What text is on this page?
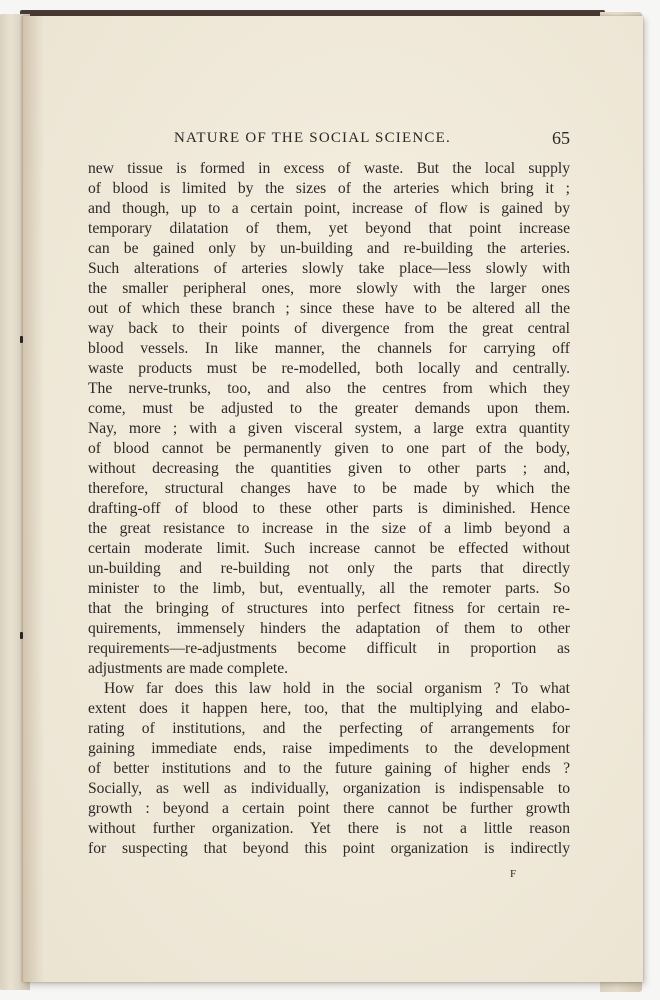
NATURE OF THE SOCIAL SCIENCE.	65
new tissue is formed in excess of waste. But the local supply
of blood is limited by the sizes of the arteries which bring it ;
and though, up to a certain point, increase of flow is gained by
temporary dilatation of them, yet beyond that point increase
can be gained only by un-building and re-building the arteries.
Such alterations of arteries slowly take place—less slowly with
the smaller peripheral ones, more slowly with the larger ones
out of which these branch ; since these have to be altered all the
way back to their points of divergence from the great central
blood vessels. In like manner, the channels for carrying off
waste products must be re-modelled, both locally and centrally.
The nerve-trunks, too, and also the centres from which they
come, must be adjusted to the greater demands upon them.
Nay, more ; with a given visceral system, a large extra quantity
of blood cannot be permanently given to one part of the body,
without decreasing the quantities given to other parts ; and,
therefore, structural changes have to be made by which the
drafting-off of blood to these other parts is diminished. Hence
the great resistance to increase in the size of a limb beyond a
certain moderate limit. Such increase cannot be effected without
un-building and re-building not only the parts that directly
minister to the limb, but, eventually, all the remoter parts. So
that the bringing of structures into perfect fitness for certain re-
quirements, immensely hinders the adaptation of them to other
requirements—re-adjustments become difficult in proportion as
adjustments are made complete.
How far does this law hold in the social organism ? To what
extent does it happen here, too, that the multiplying and elabo-
rating of institutions, and the perfecting of arrangements for
gaining immediate ends, raise impediments to the development
of better institutions and to the future gaining of higher ends ?
Socially, as well as individually, organization is indispensable to
growth : beyond a certain point there cannot be further growth
without further organization. Yet there is not a little reason
for suspecting that beyond this point organization is indirectly
F
